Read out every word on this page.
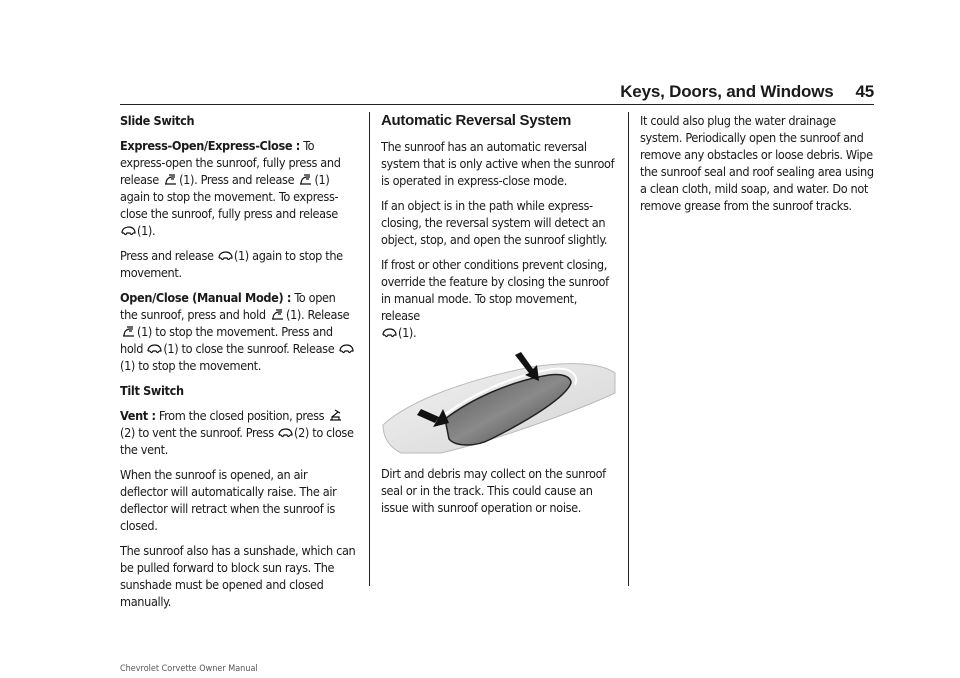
Keys, Doors, and Windows 45

Slide Switch

Express-Open/Express-Close : To express-open the sunroof, fully press and release
(1). Press and release
(1) again to stop the movement. To express-close the sunroof, fully press and release
(1).

Press and release
(1) again to stop the movement.

Open/Close (Manual Mode) : To open the sunroof, press and hold
(1). Release
(1) to stop the movement. Press and hold
(1) to close the sunroof. Release
(1) to stop the movement.

Tilt Switch

Vent : From the closed position, press
(2) to vent the sunroof. Press
(2) to close the vent.

When the sunroof is opened, an air deflector will automatically raise. The air deflector will retract when the sunroof is closed.

The sunroof also has a sunshade, which can be pulled forward to block sun rays. The sunshade must be opened and closed manually.

Automatic Reversal System

The sunroof has an automatic reversal system that is only active when the sunroof is operated in express-close mode.

If an object is in the path while express-closing, the reversal system will detect an object, stop, and open the sunroof slightly.

If frost or other conditions prevent closing, override the feature by closing the sunroof in manual mode. To stop movement, release

(1).

Dirt and debris may collect on the sunroof seal or in the track. This could cause an issue with sunroof operation or noise.

It could also plug the water drainage system. Periodically open the sunroof and remove any obstacles or loose debris. Wipe the sunroof seal and roof sealing area using a clean cloth, mild soap, and water. Do not remove grease from the sunroof tracks.

Chevrolet Corvette Owner Manual
